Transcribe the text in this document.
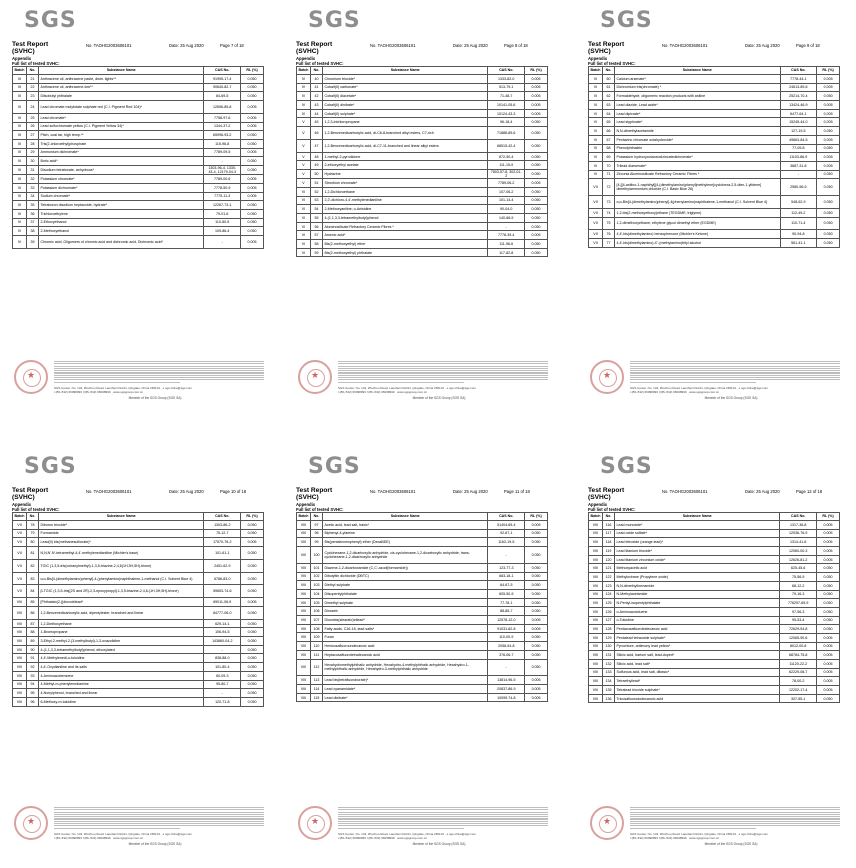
SGS
Test Report
(SVHC)
No. TAOHG2003606101	Date: 25 Aug 2020	Page 7 of 18
Appendix
Full list of tested SVHC:
Batch	No.	Substance Name	CAS No.	RL (%)
III	21	Anthracene oil, anthracene paste, distn. lights**	91995-17-4	0.050
III	22	Anthracene oil, anthracene-low**	90640-82-7	0.050
III	23	Diisobutyl phthalate	84-69-5	0.050
III	24	Lead chromate molybdate sulphate red (C.I. Pigment Red 104)*	12656-85-8	0.005
III	25	Lead chromate*	7758-97-6	0.005
III	26	Lead sulfochromate yellow (C.I. Pigment Yellow 34)*	1344-37-2	0.005
III	27	Pitch, coal tar, high temp.**	65996-93-2	0.050
III	28	Tris(2-chloroethyl)phosphate	115-96-8	0.050
III	29	Ammonium dichromate*	7789-09-5	0.005
III	30	Boric acid*	-	0.050
III	31	Disodium tetraborate, anhydrous*	1303-96-4, 1330-43-4, 12179-04-3	0.050
III	32	Potassium chromate*	7789-00-6	0.005
III	33	Potassium dichromate*	7778-50-9	0.005
III	34	Sodium chromate*	7775-11-3	0.005
III	35	Tetraboron disodium heptaoxide, hydrate*	12267-73-1	0.050
III	36	Trichloroethylene	79-01-6	0.050
IV	37	2-Ethoxyethanol	110-80-5	0.050
IV	38	2-Methoxyethanol	109-86-4	0.050
IV	39	Chromic acid, Oligomers of chromic acid and dichromic acid, Dichromic acid*	-	0.005
★
SGS Center, No. 143, Zhuzhou Road, Laoshan District, Qingdao, China 266101 e sgs.china@sgs.com
t (86–532) 66098999 f (86–532) 66098999 www.sgsgroup.com.cn
Member of the SGS Group (SGS SA)
SGS
Test Report
(SVHC)
No. TAOHG2003606101	Date: 25 Aug 2020	Page 8 of 18
Appendix
Full list of tested SVHC:
Batch	No.	Substance Name	CAS No.	RL (%)
IV	40	Chromium trioxide*	1333-82-0	0.005
IV	41	Cobalt(II) carbonate*	513-79-1	0.005
IV	42	Cobalt(II) diacetate*	71-48-7	0.005
IV	43	Cobalt(II) dinitrate*	10141-05-6	0.005
IV	44	Cobalt(II) sulphate*	10124-43-3	0.005
V	45	1,2,3-trichloropropane	96-18-4	0.050
V	46	1,2-Benzenedicarboxylic acid, di-C6-8-branched alkyl esters, C7-rich	71888-89-6	0.050
V	47	1,2-Benzenedicarboxylic acid, di-C7-11-branched and linear alkyl esters	68515-42-4	0.050
V	48	1-methyl-2-pyrrolidone	872-50-4	0.050
V	49	2-ethoxyethyl acetate	111-15-9	0.050
V	50	Hydrazine	7803-57-8, 302-01-2	0.050
V	51	Strontium chromate*	7789-06-2	0.005
VI	52	1,2-Dichloroethane	107-06-2	0.050
VI	53	2,2'-dichloro-4,4'-methylenedianiline	101-14-4	0.050
VI	54	2-Methoxyaniline; o-Anisidine	90-04-0	0.050
VI	55	4-(1,1,3,3-tetramethylbutyl)phenol	140-66-9	0.050
VI	56	Aluminosilicate Refractory Ceramic Fibres *	-	0.050
VI	57	Arsenic acid*	7778-39-4	0.005
VI	58	Bis(2-methoxyethyl) ether	111-96-6	0.050
VI	59	Bis(2-methoxyethyl) phthalate	117-82-8	0.050
★
SGS Center, No. 143, Zhuzhou Road, Laoshan District, Qingdao, China 266101 e sgs.china@sgs.com
t (86–532) 66098999 f (86–532) 66098999 www.sgsgroup.com.cn
Member of the SGS Group (SGS SA)
SGS
Test Report
(SVHC)
No. TAOHG2003606101	Date: 25 Aug 2020	Page 9 of 18
Appendix
Full list of tested SVHC:
Batch	No.	Substance Name	CAS No.	RL (%)
VI	60	Calcium arsenate*	7778-44-1	0.005
VI	61	Dichromium tris(chromate) *	24613-89-6	0.005
VI	62	Formaldehyde, oligomeric reaction products with aniline	25214-70-4	0.050
VI	63	Lead diazide, Lead azide*	13424-46-9	0.005
VI	64	Lead dipicrate*	6477-64-1	0.005
VI	65	Lead styphnate*	15245-44-0	0.005
VI	66	N,N-dimethylacetamide	127-19-5	0.050
VI	67	Pentazinc chromate octahydroxide*	49663-84-5	0.005
VI	68	Phenolphthalein	77-09-8	0.050
VI	69	Potassium hydroxyoctaoxodizincatedichromate*	11103-86-9	0.005
VI	70	Trilead diarsenate*	3687-31-8	0.005
VI	71	Zirconia Aluminosilicate Refractory Ceramic Fibres *	-	0.050
VII	72	[4-[[4-anilino-1-naphthyl][4-(dimethylamino)phenyl]methylene]cyclohexa-2,5-dien-1-ylidene] dimethylammonium chloride (C.I. Basic Blue 26)	2580-56-5	0.050
VII	73	α,α-Bis[4-(dimethylamino)phenyl]-4(phenylamino)naphthalene-1-methanol (C.I. Solvent Blue 4)	548-62-9	0.050
VII	74	1,2-bis(2-methoxyethoxy)ethane (TEGDME; triglyme)	112-49-2	0.050
VII	75	1,2-dimethoxyethane; ethylene glycol dimethyl ether (EGDME)	110-71-4	0.050
VII	76	4,4'-bis(dimethylamino) benzophenone (Michler's Ketone)	90-94-8	0.050
VII	77	4,4'-bis(dimethylamino)-4''-(methylamino)trityl alcohol	561-41-1	0.050
★
SGS Center, No. 143, Zhuzhou Road, Laoshan District, Qingdao, China 266101 e sgs.china@sgs.com
t (86–532) 66098999 f (86–532) 66098999 www.sgsgroup.com.cn
Member of the SGS Group (SGS SA)
SGS
Test Report
(SVHC)
No. TAOHG2003606101	Date: 25 Aug 2020	Page 10 of 18
Appendix
Full list of tested SVHC:
Batch	No.	Substance Name	CAS No.	RL (%)
VII	78	Diboron trioxide*	1303-86-2	0.050
VII	79	Formamide	75-12-7	0.050
VII	80	Lead(II) bis(methanesulfonate)*	17570-76-2	0.005
VII	81	N,N,N',N'-tetramethyl-4,4'-methylenedianiline (Michler's base)	101-61-1	0.050
VII	82	TGIC (1,3,5-tris(oxiranylmethyl)-1,3,5-triazine-2,4,6(1H,3H,5H)-trione)	2451-62-9	0.050
VII	83	α,α-Bis[4-(dimethylamino)phenyl]-4-(phenylamino)naphthalene-1-methanol (C.I. Solvent Blue 4)	6786-83-0	0.050
VII	84	β-TGIC (1,3,5-tris[(2S and 2R)-2,3-epoxypropyl]-1,3,5-triazine-2,4,6-(1H,3H,5H)-trione)	59653-74-6	0.050
VIII	85	[Phthalato(2-)]dioxotrilead*	69011-06-9	0.005
VIII	86	1,2-Benzenedicarboxylic acid, dipentylester, branched and linear	84777-06-0	0.050
VIII	87	1,2-Diethoxyethane	629-14-1	0.050
VIII	88	1-Bromopropane	106-94-5	0.050
VIII	89	3-Ethyl-2-methyl-2-(3-methylbutyl)-1,3-oxazolidine	143860-04-2	0.050
VIII	90	4-(1,1,3,3-tetramethylbutyl)phenol, ethoxylated	-	0.050
VIII	91	4,4'-Methylenedi-o-toluidine	838-88-0	0.050
VIII	92	4,4'-Oxydianiline and its salts	101-80-4	0.050
VIII	93	4-Aminoazobenzene	60-09-3	0.050
VIII	94	4-Methyl-m-phenylenediamine	95-80-7	0.050
VIII	95	4-Nonylphenol, branched and linear	-	0.050
VIII	96	6-Methoxy-m-toluidine	120-71-8	0.050
★
SGS Center, No. 143, Zhuzhou Road, Laoshan District, Qingdao, China 266101 e sgs.china@sgs.com
t (86–532) 66098999 f (86–532) 66098999 www.sgsgroup.com.cn
Member of the SGS Group (SGS SA)
SGS
Test Report
(SVHC)
No. TAOHG2003606101	Date: 25 Aug 2020	Page 11 of 18
Appendix
Full list of tested SVHC:
Batch	No.	Substance Name	CAS No.	RL (%)
VIII	97	Acetic acid, lead salt, basic*	51404-69-4	0.005
VIII	98	Biphenyl-4-ylamine	92-67-1	0.050
VIII	99	Bis(pentabromophenyl) ether (DecaBDE)	1163-19-5	0.050
VIII	100	Cyclohexane-1,2-dicarboxylic anhydride, cis-cyclohexane-1,2-dicarboxylic anhydride, trans-cyclohexane-1,2-dicarboxylic anhydride	-	0.050
VIII	101	Diazene-1,2-dicarboxamide (C,C'-azodi(formamide))	123-77-3	0.050
VIII	102	Dibutyltin dichloride (DBTC)	683-18-1	0.050
VIII	103	Diethyl sulphate	64-67-5	0.050
VIII	104	Diisopentylphthalate	605-50-5	0.050
VIII	105	Dimethyl sulphate	77-78-1	0.050
VIII	106	Dinoseb	88-85-7	0.050
VIII	107	Dioxobis(stearato)trilead*	12578-12-0	0.005
VIII	108	Fatty acids, C16-18, lead salts*	91031-62-8	0.005
VIII	109	Furan	110-00-9	0.050
VIII	110	Henicosafluoroundecanoic acid	2058-94-8	0.050
VIII	111	Heptacosafluorotetradecanoic acid	376-06-7	0.050
VIII	112	Hexahydromethylphthalic anhydride, Hexahydro-4-methylphthalic anhydride, Hexahydro-1-methylphthalic anhydride, Hexahydro-3-methylphthalic anhydride	-	0.050
VIII	113	Lead bis(tetrafluoroborate)*	13814-96-5	0.005
VIII	114	Lead cyanamidate*	20837-86-9	0.005
VIII	115	Lead dinitrate*	10099-74-8	0.005
★
SGS Center, No. 143, Zhuzhou Road, Laoshan District, Qingdao, China 266101 e sgs.china@sgs.com
t (86–532) 66098999 f (86–532) 66098999 www.sgsgroup.com.cn
Member of the SGS Group (SGS SA)
SGS
Test Report
(SVHC)
No. TAOHG2003606101	Date: 25 Aug 2020	Page 12 of 18
Appendix
Full list of tested SVHC:
Batch	No.	Substance Name	CAS No.	RL (%)
VIII	116	Lead monoxide*	1317-36-8	0.005
VIII	117	Lead oxide sulfate*	12036-76-9	0.005
VIII	118	Lead tetroxide (orange lead)*	1314-41-6	0.005
VIII	119	Lead titanium trioxide*	12060-00-3	0.005
VIII	120	Lead titanium zirconium oxide*	12626-81-2	0.005
VIII	121	Methoxyacetic acid	625-45-6	0.050
VIII	122	Methyloxirane (Propylene oxide)	75-56-9	0.050
VIII	123	N,N-dimethylformamide	68-12-2	0.050
VIII	124	N-Methylacetamide	79-16-3	0.050
VIII	125	N-Pentyl-isopentylphthalate	776297-69-9	0.050
VIII	126	o-Aminoazotoluene	97-56-3	0.050
VIII	127	o-Toluidine	95-53-4	0.050
VIII	128	Pentacosafluorotridecanoic acid	72629-94-8	0.050
VIII	129	Pentalead tetraoxide sulphate*	12065-90-6	0.005
VIII	130	Pyrochlore, antimony lead yellow*	8012-00-8	0.005
VIII	131	Silicic acid, barium salt, lead-doped*	68784-75-8	0.005
VIII	132	Silicic acid, lead salt*	11120-22-2	0.005
VIII	133	Sulfurous acid, lead salt, dibasic*	62229-08-7	0.005
VIII	134	Tetraethyllead*	78-00-2	0.005
VIII	135	Tetralead trioxide sulphate*	12202-17-4	0.005
VIII	136	Tricosafluorododecanoic acid	307-55-1	0.050
★
SGS Center, No. 143, Zhuzhou Road, Laoshan District, Qingdao, China 266101 e sgs.china@sgs.com
t (86–532) 66098999 f (86–532) 66098999 www.sgsgroup.com.cn
Member of the SGS Group (SGS SA)
